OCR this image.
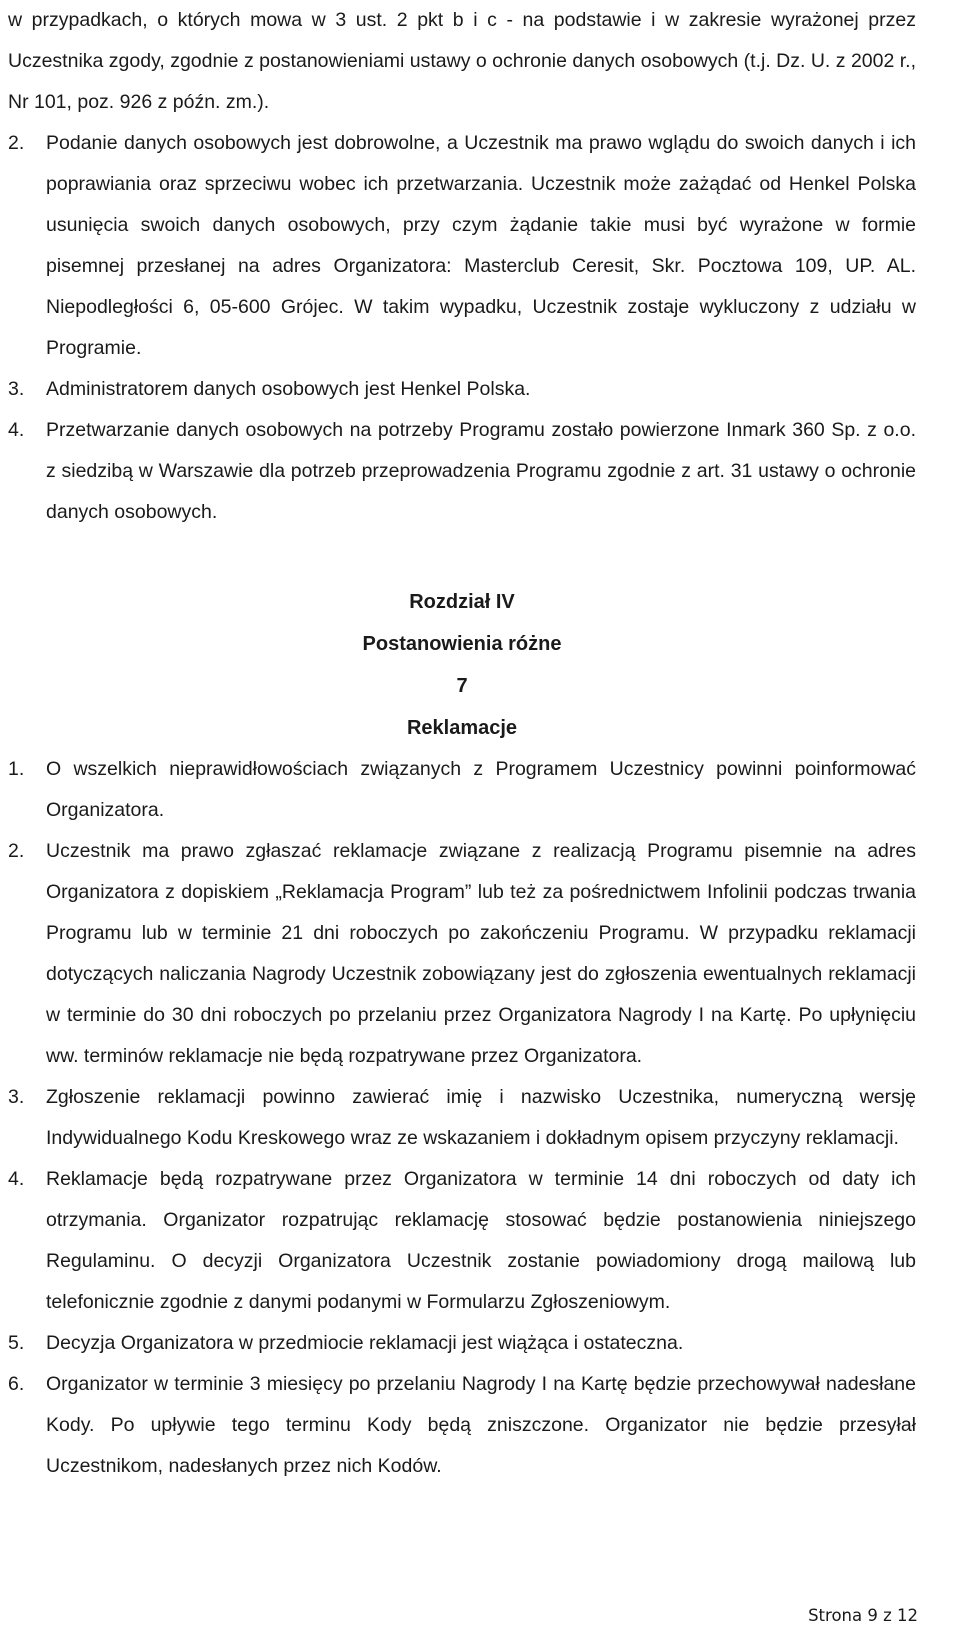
w przypadkach, o których mowa w 3 ust. 2 pkt b i c - na podstawie i w zakresie wyrażonej przez Uczestnika zgody, zgodnie z postanowieniami ustawy o ochronie danych osobowych (t.j. Dz. U. z 2002 r., Nr 101, poz. 926 z późn. zm.).
2. Podanie danych osobowych jest dobrowolne, a Uczestnik ma prawo wglądu do swoich danych i ich poprawiania oraz sprzeciwu wobec ich przetwarzania. Uczestnik może zażądać od Henkel Polska usunięcia swoich danych osobowych, przy czym żądanie takie musi być wyrażone w formie pisemnej przesłanej na adres Organizatora: Masterclub Ceresit, Skr. Pocztowa 109, UP. AL. Niepodległości 6, 05-600 Grójec. W takim wypadku, Uczestnik zostaje wykluczony z udziału w Programie.
3. Administratorem danych osobowych jest Henkel Polska.
4. Przetwarzanie danych osobowych na potrzeby Programu zostało powierzone Inmark 360 Sp. z o.o. z siedzibą w Warszawie dla potrzeb przeprowadzenia Programu zgodnie z art. 31 ustawy o ochronie danych osobowych.
Rozdział IV
Postanowienia różne
7
Reklamacje
1. O wszelkich nieprawidłowościach związanych z Programem Uczestnicy powinni poinformować Organizatora.
2. Uczestnik ma prawo zgłaszać reklamacje związane z realizacją Programu pisemnie na adres Organizatora z dopiskiem „Reklamacja Program” lub też za pośrednictwem Infolinii podczas trwania Programu lub w terminie 21 dni roboczych po zakończeniu Programu. W przypadku reklamacji dotyczących naliczania Nagrody Uczestnik zobowiązany jest do zgłoszenia ewentualnych reklamacji w terminie do 30 dni roboczych po przelaniu przez Organizatora Nagrody I na Kartę. Po upłynięciu ww. terminów reklamacje nie będą rozpatrywane przez Organizatora.
3. Zgłoszenie reklamacji powinno zawierać imię i nazwisko Uczestnika, numeryczną wersję Indywidualnego Kodu Kreskowego wraz ze wskazaniem i dokładnym opisem przyczyny reklamacji.
4. Reklamacje będą rozpatrywane przez Organizatora w terminie 14 dni roboczych od daty ich otrzymania. Organizator rozpatrując reklamację stosować będzie postanowienia niniejszego Regulaminu. O decyzji Organizatora Uczestnik zostanie powiadomiony drogą mailową lub telefonicznie zgodnie z danymi podanymi w Formularzu Zgłoszeniowym.
5. Decyzja Organizatora w przedmiocie reklamacji jest wiążąca i ostateczna.
6. Organizator w terminie 3 miesięcy po przelaniu Nagrody I na Kartę będzie przechowywał nadesłane Kody. Po upływie tego terminu Kody będą zniszczone. Organizator nie będzie przesyłał Uczestnikom, nadesłanych przez nich Kodów.
Strona 9 z 12
